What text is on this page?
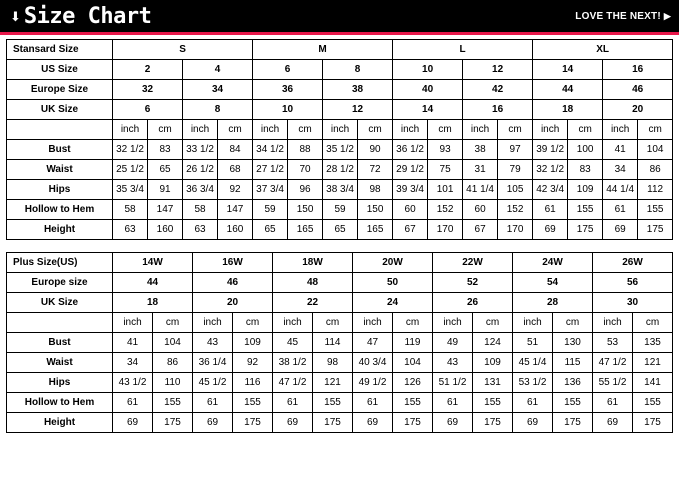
⬇ Size Chart	LOVE THE NEXT! ▶
Stansard Size	S				M				L				XL			
US Size	2		4		6		8		10		12		14		16	
Europe Size	32		34		36		38		40		42		44		46	
UK Size	6		8		10		12		14		16		18		20	
	inch	cm	inch	cm	inch	cm	inch	cm	inch	cm	inch	cm	inch	cm	inch	cm
Bust	32 1/2	83	33 1/2	84	34 1/2	88	35 1/2	90	36 1/2	93	38	97	39 1/2	100	41	104
Waist	25 1/2	65	26 1/2	68	27 1/2	70	28 1/2	72	29 1/2	75	31	79	32 1/2	83	34	86
Hips	35 3/4	91	36 3/4	92	37 3/4	96	38 3/4	98	39 3/4	101	41 1/4	105	42 3/4	109	44 1/4	112
Hollow to Hem	58	147	58	147	59	150	59	150	60	152	60	152	61	155	61	155
Height	63	160	63	160	65	165	65	165	67	170	67	170	69	175	69	175
Plus Size(US)	14W		16W		18W		20W		22W		24W		26W	
Europe size	44		46		48		50		52		54		56	
UK Size	18		20		22		24		26		28		30	
	inch	cm	inch	cm	inch	cm	inch	cm	inch	cm	inch	cm	inch	cm
Bust	41	104	43	109	45	114	47	119	49	124	51	130	53	135
Waist	34	86	36 1/4	92	38 1/2	98	40 3/4	104	43	109	45 1/4	115	47 1/2	121
Hips	43 1/2	110	45 1/2	116	47 1/2	121	49 1/2	126	51 1/2	131	53 1/2	136	55 1/2	141
Hollow to Hem	61	155	61	155	61	155	61	155	61	155	61	155	61	155
Height	69	175	69	175	69	175	69	175	69	175	69	175	69	175
